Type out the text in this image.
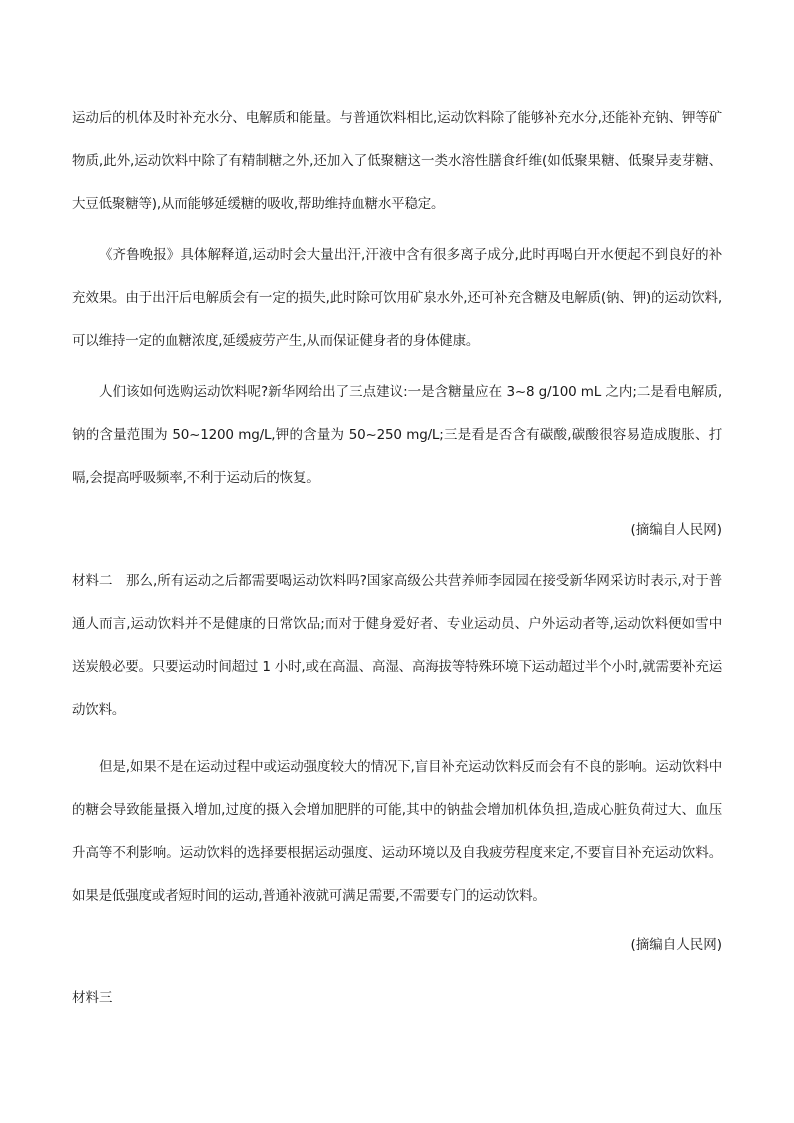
运动后的机体及时补充水分、电解质和能量。与普通饮料相比,运动饮料除了能够补充水分,还能补充钠、钾等矿物质,此外,运动饮料中除了有精制糖之外,还加入了低聚糖这一类水溶性膳食纤维(如低聚果糖、低聚异麦芽糖、大豆低聚糖等),从而能够延缓糖的吸收,帮助维持血糖水平稳定。

《齐鲁晚报》具体解释道,运动时会大量出汗,汗液中含有很多离子成分,此时再喝白开水便起不到良好的补充效果。由于出汗后电解质会有一定的损失,此时除可饮用矿泉水外,还可补充含糖及电解质(钠、钾)的运动饮料,可以维持一定的血糖浓度,延缓疲劳产生,从而保证健身者的身体健康。

人们该如何选购运动饮料呢?新华网给出了三点建议:一是含糖量应在 3~8 g/100 mL 之内;二是看电解质,钠的含量范围为 50~1200 mg/L,钾的含量为 50~250 mg/L;三是看是否含有碳酸,碳酸很容易造成腹胀、打嗝,会提高呼吸频率,不利于运动后的恢复。

(摘编自人民网)

材料二　那么,所有运动之后都需要喝运动饮料吗?国家高级公共营养师李园园在接受新华网采访时表示,对于普通人而言,运动饮料并不是健康的日常饮品;而对于健身爱好者、专业运动员、户外运动者等,运动饮料便如雪中送炭般必要。只要运动时间超过 1 小时,或在高温、高湿、高海拔等特殊环境下运动超过半个小时,就需要补充运动饮料。

但是,如果不是在运动过程中或运动强度较大的情况下,盲目补充运动饮料反而会有不良的影响。运动饮料中的糖会导致能量摄入增加,过度的摄入会增加肥胖的可能,其中的钠盐会增加机体负担,造成心脏负荷过大、血压升高等不利影响。运动饮料的选择要根据运动强度、运动环境以及自我疲劳程度来定,不要盲目补充运动饮料。如果是低强度或者短时间的运动,普通补液就可满足需要,不需要专门的运动饮料。

(摘编自人民网)

材料三
